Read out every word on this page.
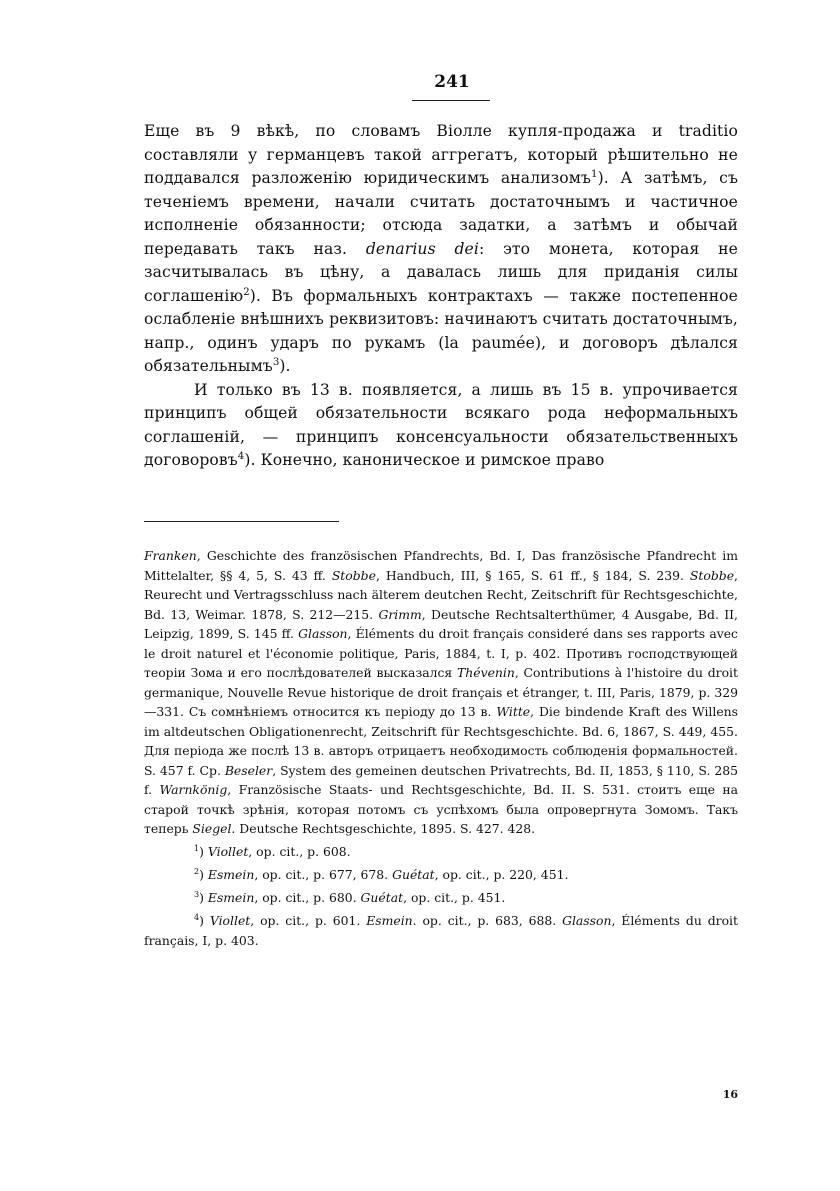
241

Еще въ 9 вѣкѣ, по словамъ Віолле купля-продажа и traditio составляли у германцевъ такой аггрегатъ, который рѣшительно не поддавался разложенію юридическимъ анализомъ$^1$). А затѣмъ, съ теченіемъ времени, начали считать достаточнымъ и частичное исполненіе обязанности; отсюда задатки, а затѣмъ и обычай передавать такъ наз. denarius dei: это монета, которая не засчитывалась въ цѣну, а давалась лишь для приданія силы соглашенію$^2$). Въ формальныхъ контрактахъ — также постепенное ослабленіе внѣшнихъ реквизитовъ: начинаютъ считать достаточнымъ, напр., одинъ ударъ по рукамъ (la paumée), и договоръ дѣлался обязательнымъ$^3$).

И только въ 13 в. появляется, а лишь въ 15 в. упрочивается принципъ общей обязательности всякаго рода неформальныхъ соглашеній, — принципъ консенсуальности обязательственныхъ договоровъ$^4$). Конечно, каноническое и римское право

Franken, Geschichte des französischen Pfandrechts, Bd. I, Das französische Pfandrecht im Mittelalter, §§ 4, 5, S. 43 ff. Stobbe, Handbuch, III, § 165, S. 61 ff., § 184, S. 239. Stobbe, Reurecht und Vertragsschluss nach älterem deutchen Recht, Zeitschrift für Rechtsgeschichte, Bd. 13, Weimar. 1878, S. 212—215. Grimm, Deutsche Rechtsalterthümer, 4 Ausgabe, Bd. II, Leipzig, 1899, S. 145 ff. Glasson, Éléments du droit français consideré dans ses rapports avec le droit naturel et l'économie politique, Paris, 1884, t. I, p. 402. Противъ господствующей теоріи Зома и его послѣдователей высказался Thévenin, Contributions à l'histoire du droit germanique, Nouvelle Revue historique de droit français et étranger, t. III, Paris, 1879, p. 329—331. Съ сомнѣніемъ относится къ періоду до 13 в. Witte, Die bindende Kraft des Willens im altdeutschen Obligationenrecht, Zeitschrift für Rechtsgeschichte. Bd. 6, 1867, S. 449, 455. Для періода же послѣ 13 в. авторъ отрицаетъ необходимость соблюденія формальностей. S. 457 f. Cp. Beseler, System des gemeinen deutschen Privatrechts, Bd. II, 1853, § 110, S. 285 f. Warnkönig, Französische Staats- und Rechtsgeschichte, Bd. II. S. 531. стоитъ еще на старой точкѣ зрѣнія, которая потомъ съ успѣхомъ была опровергнута Зомомъ. Такъ теперь Siegel. Deutsche Rechtsgeschichte, 1895. S. 427. 428.

$^1$) Viollet, op. cit., p. 608.

$^2$) Esmein, op. cit., p. 677, 678. Guétat, op. cit., p. 220, 451.

$^3$) Esmein, op. cit., p. 680. Guétat, op. cit., p. 451.

$^4$) Viollet, op. cit., p. 601. Esmein. op. cit., p. 683, 688. Glasson, Éléments du droit français, I, p. 403.

16
